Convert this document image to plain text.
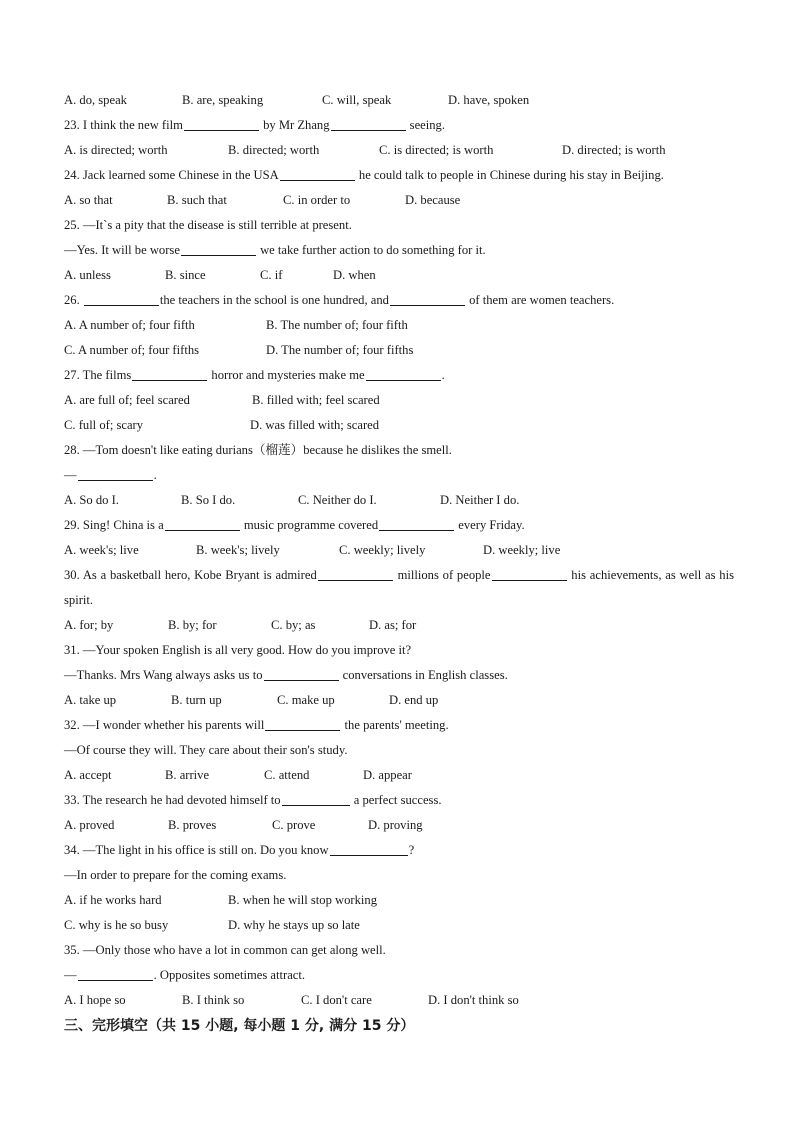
A. do, speak	B. are, speaking	C. will, speak	D. have, spoken
23. I think the new film	by Mr Zhang	seeing.
A. is directed; worth	B. directed; worth	C. is directed; is worth	D. directed; is worth
24. Jack learned some Chinese in the USA	he could talk to people in Chinese during his stay in Beijing.
A. so that	B. such that	C. in order to	D. because
25. —It`s a pity that the disease is still terrible at present.
—Yes. It will be worse	we take further action to do something for it.
A. unless	B. since	C. if	D. when
26.	the teachers in the school is one hundred, and	of them are women teachers.
A. A number of; four fifth	B. The number of; four fifth
C. A number of; four fifths	D. The number of; four fifths
27. The films	horror and mysteries make me	.
A. are full of; feel scared	B. filled with; feel scared
C. full of; scary	D. was filled with; scared
28. —Tom doesn't like eating durians（榴莲）because he dislikes the smell.
—	.
A. So do I.	B. So I do.	C. Neither do I.	D. Neither I do.
29. Sing! China is a	music programme covered	every Friday.
A. week's; live	B. week's; lively	C. weekly; lively	D. weekly; live
30. As a basketball hero, Kobe Bryant is admired	millions of people	his achievements, as well as his spirit.
A. for; by	B. by; for	C. by; as	D. as; for
31. —Your spoken English is all very good. How do you improve it?
—Thanks. Mrs Wang always asks us to	conversations in English classes.
A. take up	B. turn up	C. make up	D. end up
32. —I wonder whether his parents will	the parents' meeting.
—Of course they will. They care about their son's study.
A. accept	B. arrive	C. attend	D. appear
33. The research he had devoted himself to	a perfect success.
A. proved	B. proves	C. prove	D. proving
34. —The light in his office is still on. Do you know	?
—In order to prepare for the coming exams.
A. if he works hard	B. when he will stop working
C. why is he so busy	D. why he stays up so late
35. —Only those who have a lot in common can get along well.
—	. Opposites sometimes attract.
A. I hope so	B. I think so	C. I don't care	D. I don't think so
三、完形填空（共 15 小题, 每小题 1 分, 满分 15 分）
